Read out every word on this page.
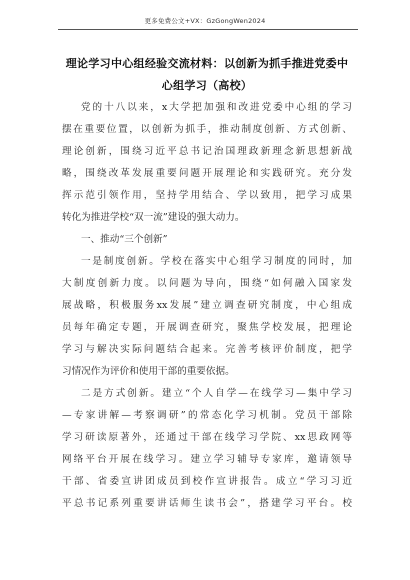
更多免费公文+VX：GzGongWen2024
理论学习中心组经验交流材料：以创新为抓手推进党委中
心组学习（高校）
党的十八以来，x大学把加强和改进党委中心组的学习
摆在重要位置，以创新为抓手，推动制度创新、方式创新、
理论创新，围绕习近平总书记治国理政新理念新思想新战
略，围绕改革发展重要问题开展理论和实践研究。充分发
挥示范引领作用，坚持学用结合、学以致用，把学习成果
转化为推进学校“双一流”建设的强大动力。
一、推动“三个创新”
一是制度创新。学校在落实中心组学习制度的同时，加
大制度创新力度。以问题为导向，围绕“如何融入国家发
展战略，积极服务xx发展”建立调查研究制度，中心组成
员每年确定专题，开展调查研究，聚焦学校发展，把理论
学习与解决实际问题结合起来。完善考核评价制度，把学
习情况作为评价和使用干部的重要依据。
二是方式创新。建立“个人自学—在线学习—集中学习
—专家讲解—考察调研”的常态化学习机制。党员干部除
学习研读原著外，还通过干部在线学习学院、xx思政网等
网络平台开展在线学习。建立学习辅导专家库，邀请领导
干部、省委宣讲团成员到校作宣讲报告。成立“学习习近
平总书记系列重要讲话师生读书会”，搭建学习平台。校
